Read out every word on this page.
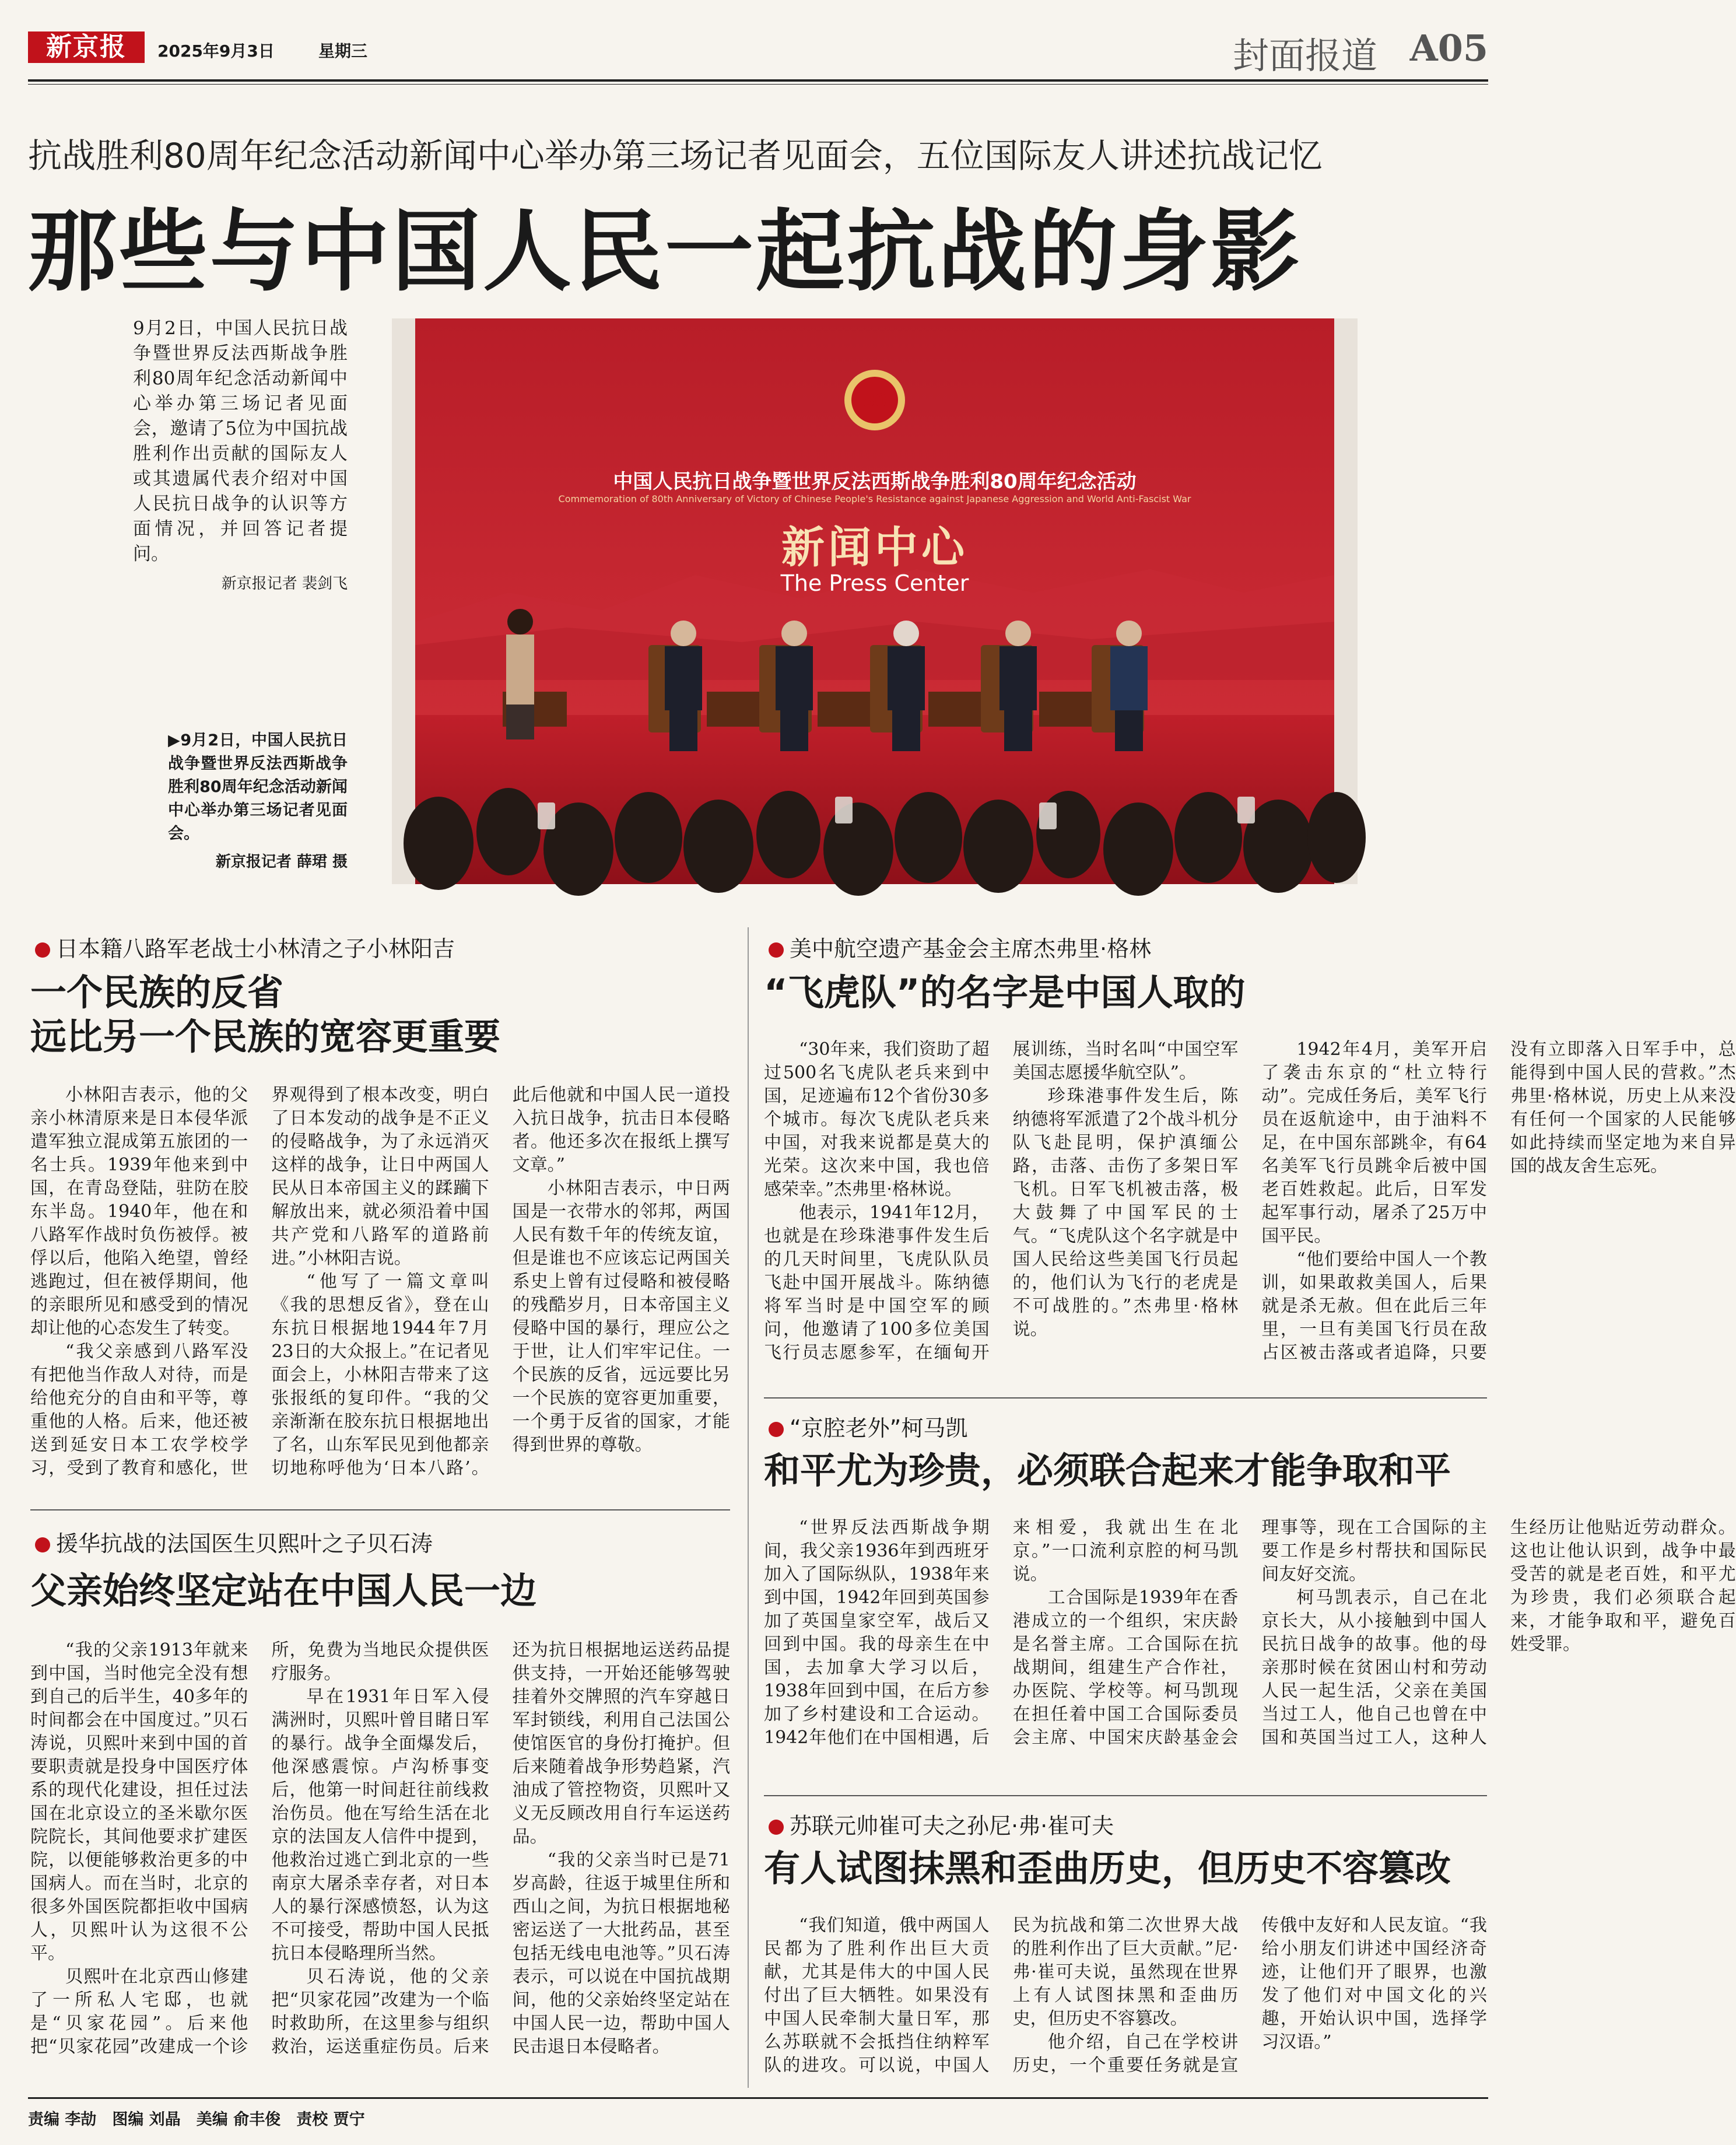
新京报	2025年9月3日	星期三	封面报道 A05
抗战胜利80周年纪念活动新闻中心举办第三场记者见面会，五位国际友人讲述抗战记忆
那些与中国人民一起抗战的身影
9月2日，中国人民抗日战争暨世界反法西斯战争胜利80周年纪念活动新闻中心举办第三场记者见面会，邀请了5位为中国抗战胜利作出贡献的国际友人或其遗属代表介绍对中国人民抗日战争的认识等方面情况，并回答记者提问。
新京报记者 裴剑飞
▶9月2日，中国人民抗日战争暨世界反法西斯战争胜利80周年纪念活动新闻中心举办第三场记者见面会。
新京报记者 薛珺 摄
80
中国人民抗日战争暨世界反法西斯战争胜利80周年纪念活动
Commemoration of 80th Anniversary of Victory of Chinese People's Resistance against Japanese Aggression and World Anti-Fascist War
新闻中心
The Press Center
日本籍八路军老战士小林清之子小林阳吉
一个民族的反省
远比另一个民族的宽容更重要

小林阳吉表示，他的父亲小林清原来是日本侵华派遣军独立混成第五旅团的一名士兵。1939年他来到中国，在青岛登陆，驻防在胶东半岛。1940年，他在和八路军作战时负伤被俘。被俘以后，他陷入绝望，曾经逃跑过，但在被俘期间，他的亲眼所见和感受到的情况却让他的心态发生了转变。

“我父亲感到八路军没有把他当作敌人对待，而是给他充分的自由和平等，尊重他的人格。后来，他还被送到延安日本工农学校学习，受到了教育和感化，世界观得到了根本改变，明白了日本发动的战争是不正义的侵略战争，为了永远消灭这样的战争，让日中两国人民从日本帝国主义的蹂躏下解放出来，就必须沿着中国共产党和八路军的道路前进。”小林阳吉说。

“他写了一篇文章叫《我的思想反省》，登在山东抗日根据地1944年7月23日的大众报上。”在记者见面会上，小林阳吉带来了这张报纸的复印件。“我的父亲渐渐在胶东抗日根据地出了名，山东军民见到他都亲切地称呼他为‘日本八路’。此后他就和中国人民一道投入抗日战争，抗击日本侵略者。他还多次在报纸上撰写文章。”

小林阳吉表示，中日两国是一衣带水的邻邦，两国人民有数千年的传统友谊，但是谁也不应该忘记两国关系史上曾有过侵略和被侵略的残酷岁月，日本帝国主义侵略中国的暴行，理应公之于世，让人们牢牢记住。一个民族的反省，远远要比另一个民族的宽容更加重要，一个勇于反省的国家，才能得到世界的尊敬。

援华抗战的法国医生贝熙叶之子贝石涛
父亲始终坚定站在中国人民一边

“我的父亲1913年就来到中国，当时他完全没有想到自己的后半生，40多年的时间都会在中国度过。”贝石涛说，贝熙叶来到中国的首要职责就是投身中国医疗体系的现代化建设，担任过法国在北京设立的圣米歇尔医院院长，其间他要求扩建医院，以便能够救治更多的中国病人。而在当时，北京的很多外国医院都拒收中国病人，贝熙叶认为这很不公平。

贝熙叶在北京西山修建了一所私人宅邸，也就是“贝家花园”。后来他把“贝家花园”改建成一个诊所，免费为当地民众提供医疗服务。

早在1931年日军入侵满洲时，贝熙叶曾目睹日军的暴行。战争全面爆发后，他深感震惊。卢沟桥事变后，他第一时间赶往前线救治伤员。他在写给生活在北京的法国友人信件中提到，他救治过逃亡到北京的一些南京大屠杀幸存者，对日本人的暴行深感愤怒，认为这不可接受，帮助中国人民抵抗日本侵略理所当然。

贝石涛说，他的父亲把“贝家花园”改建为一个临时救助所，在这里参与组织救治，运送重症伤员。后来还为抗日根据地运送药品提供支持，一开始还能够驾驶挂着外交牌照的汽车穿越日军封锁线，利用自己法国公使馆医官的身份打掩护。但后来随着战争形势趋紧，汽油成了管控物资，贝熙叶又义无反顾改用自行车运送药品。

“我的父亲当时已是71岁高龄，往返于城里住所和西山之间，为抗日根据地秘密运送了一大批药品，甚至包括无线电电池等。”贝石涛表示，可以说在中国抗战期间，他的父亲始终坚定站在中国人民一边，帮助中国人民击退日本侵略者。

美中航空遗产基金会主席杰弗里·格林
“飞虎队”的名字是中国人取的

“30年来，我们资助了超过500名飞虎队老兵来到中国，足迹遍布12个省份30多个城市。每次飞虎队老兵来中国，对我来说都是莫大的光荣。这次来中国，我也倍感荣幸。”杰弗里·格林说。

他表示，1941年12月，也就是在珍珠港事件发生后的几天时间里，飞虎队队员飞赴中国开展战斗。陈纳德将军当时是中国空军的顾问，他邀请了100多位美国飞行员志愿参军，在缅甸开展训练，当时名叫“中国空军美国志愿援华航空队”。

珍珠港事件发生后，陈纳德将军派遣了2个战斗机分队飞赴昆明，保护滇缅公路，击落、击伤了多架日军飞机。日军飞机被击落，极大鼓舞了中国军民的士气。“飞虎队这个名字就是中国人民给这些美国飞行员起的，他们认为飞行的老虎是不可战胜的。”杰弗里·格林说。

1942年4月，美军开启了袭击东京的“杜立特行动”。完成任务后，美军飞行员在返航途中，由于油料不足，在中国东部跳伞，有64名美军飞行员跳伞后被中国老百姓救起。此后，日军发起军事行动，屠杀了25万中国平民。

“他们要给中国人一个教训，如果敢救美国人，后果就是杀无赦。但在此后三年里，一旦有美国飞行员在敌占区被击落或者追降，只要没有立即落入日军手中，总能得到中国人民的营救。”杰弗里·格林说，历史上从来没有任何一个国家的人民能够如此持续而坚定地为来自异国的战友舍生忘死。

“京腔老外”柯马凯
和平尤为珍贵，必须联合起来才能争取和平

“世界反法西斯战争期间，我父亲1936年到西班牙加入了国际纵队，1938年来到中国，1942年回到英国参加了英国皇家空军，战后又回到中国。我的母亲生在中国，去加拿大学习以后，1938年回到中国，在后方参加了乡村建设和工合运动。1942年他们在中国相遇，后来相爱，我就出生在北京。”一口流利京腔的柯马凯说。

工合国际是1939年在香港成立的一个组织，宋庆龄是名誉主席。工合国际在抗战期间，组建生产合作社，办医院、学校等。柯马凯现在担任着中国工合国际委员会主席、中国宋庆龄基金会理事等，现在工合国际的主要工作是乡村帮扶和国际民间友好交流。

柯马凯表示，自己在北京长大，从小接触到中国人民抗日战争的故事。他的母亲那时候在贫困山村和劳动人民一起生活，父亲在美国当过工人，他自己也曾在中国和英国当过工人，这种人生经历让他贴近劳动群众。这也让他认识到，战争中最受苦的就是老百姓，和平尤为珍贵，我们必须联合起来，才能争取和平，避免百姓受罪。

苏联元帅崔可夫之孙尼·弗·崔可夫
有人试图抹黑和歪曲历史，但历史不容篡改

“我们知道，俄中两国人民都为了胜利作出巨大贡献，尤其是伟大的中国人民付出了巨大牺牲。如果没有中国人民牵制大量日军，那么苏联就不会抵挡住纳粹军队的进攻。可以说，中国人民为抗战和第二次世界大战的胜利作出了巨大贡献。”尼·弗·崔可夫说，虽然现在世界上有人试图抹黑和歪曲历史，但历史不容篡改。

他介绍，自己在学校讲历史，一个重要任务就是宣传俄中友好和人民友谊。“我给小朋友们讲述中国经济奇迹，让他们开了眼界，也激发了他们对中国文化的兴趣，开始认识中国，选择学习汉语。”

责编 李劼　图编 刘晶　美编 俞丰俊　责校 贾宁
